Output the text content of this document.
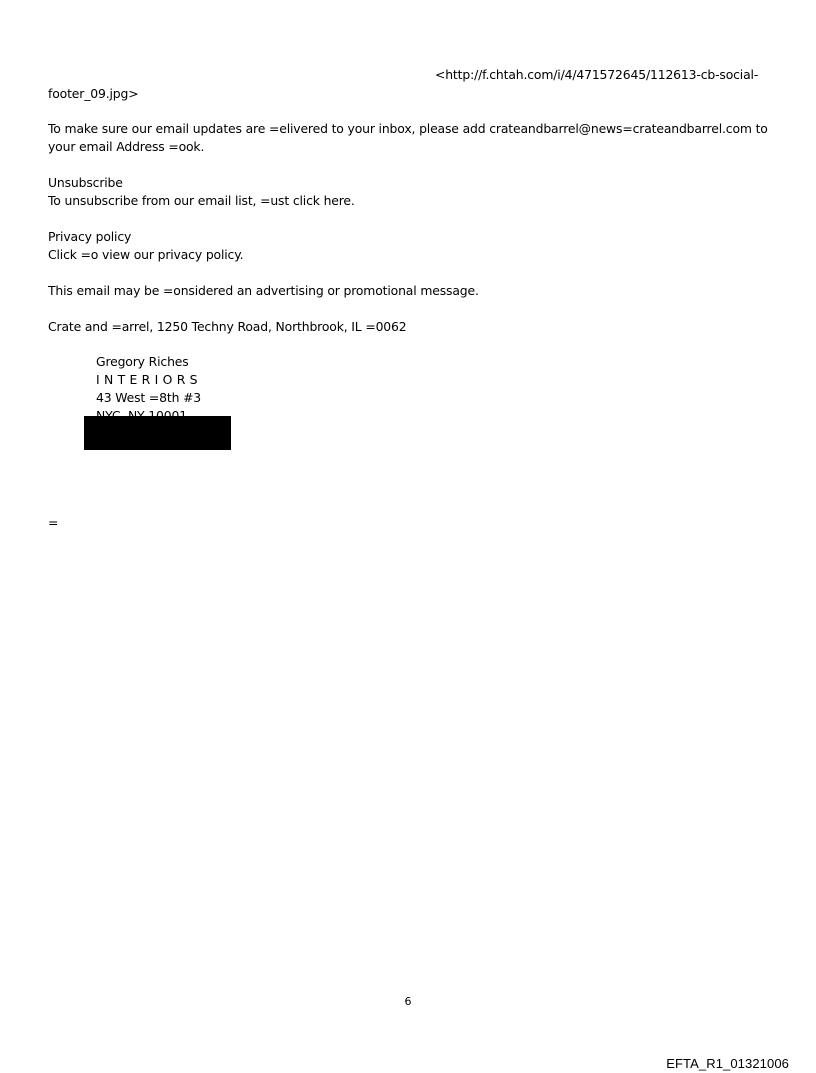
<http://f.chtah.com/i/4/471572645/112613-cb-social-
footer_09.jpg>
To make sure our email updates are =elivered to your inbox, please add crateandbarrel@news=crateandbarrel.com to
your email Address =ook.
Unsubscribe
To unsubscribe from our email list, =ust click here.
Privacy policy
Click =o view our privacy policy.
This email may be =onsidered an advertising or promotional message.
Crate and =arrel, 1250 Techny Road, Northbrook, IL =0062
Gregory Riches
I N T E R I O R S
43 West =8th #3
=
6
EFTA_R1_01321006
